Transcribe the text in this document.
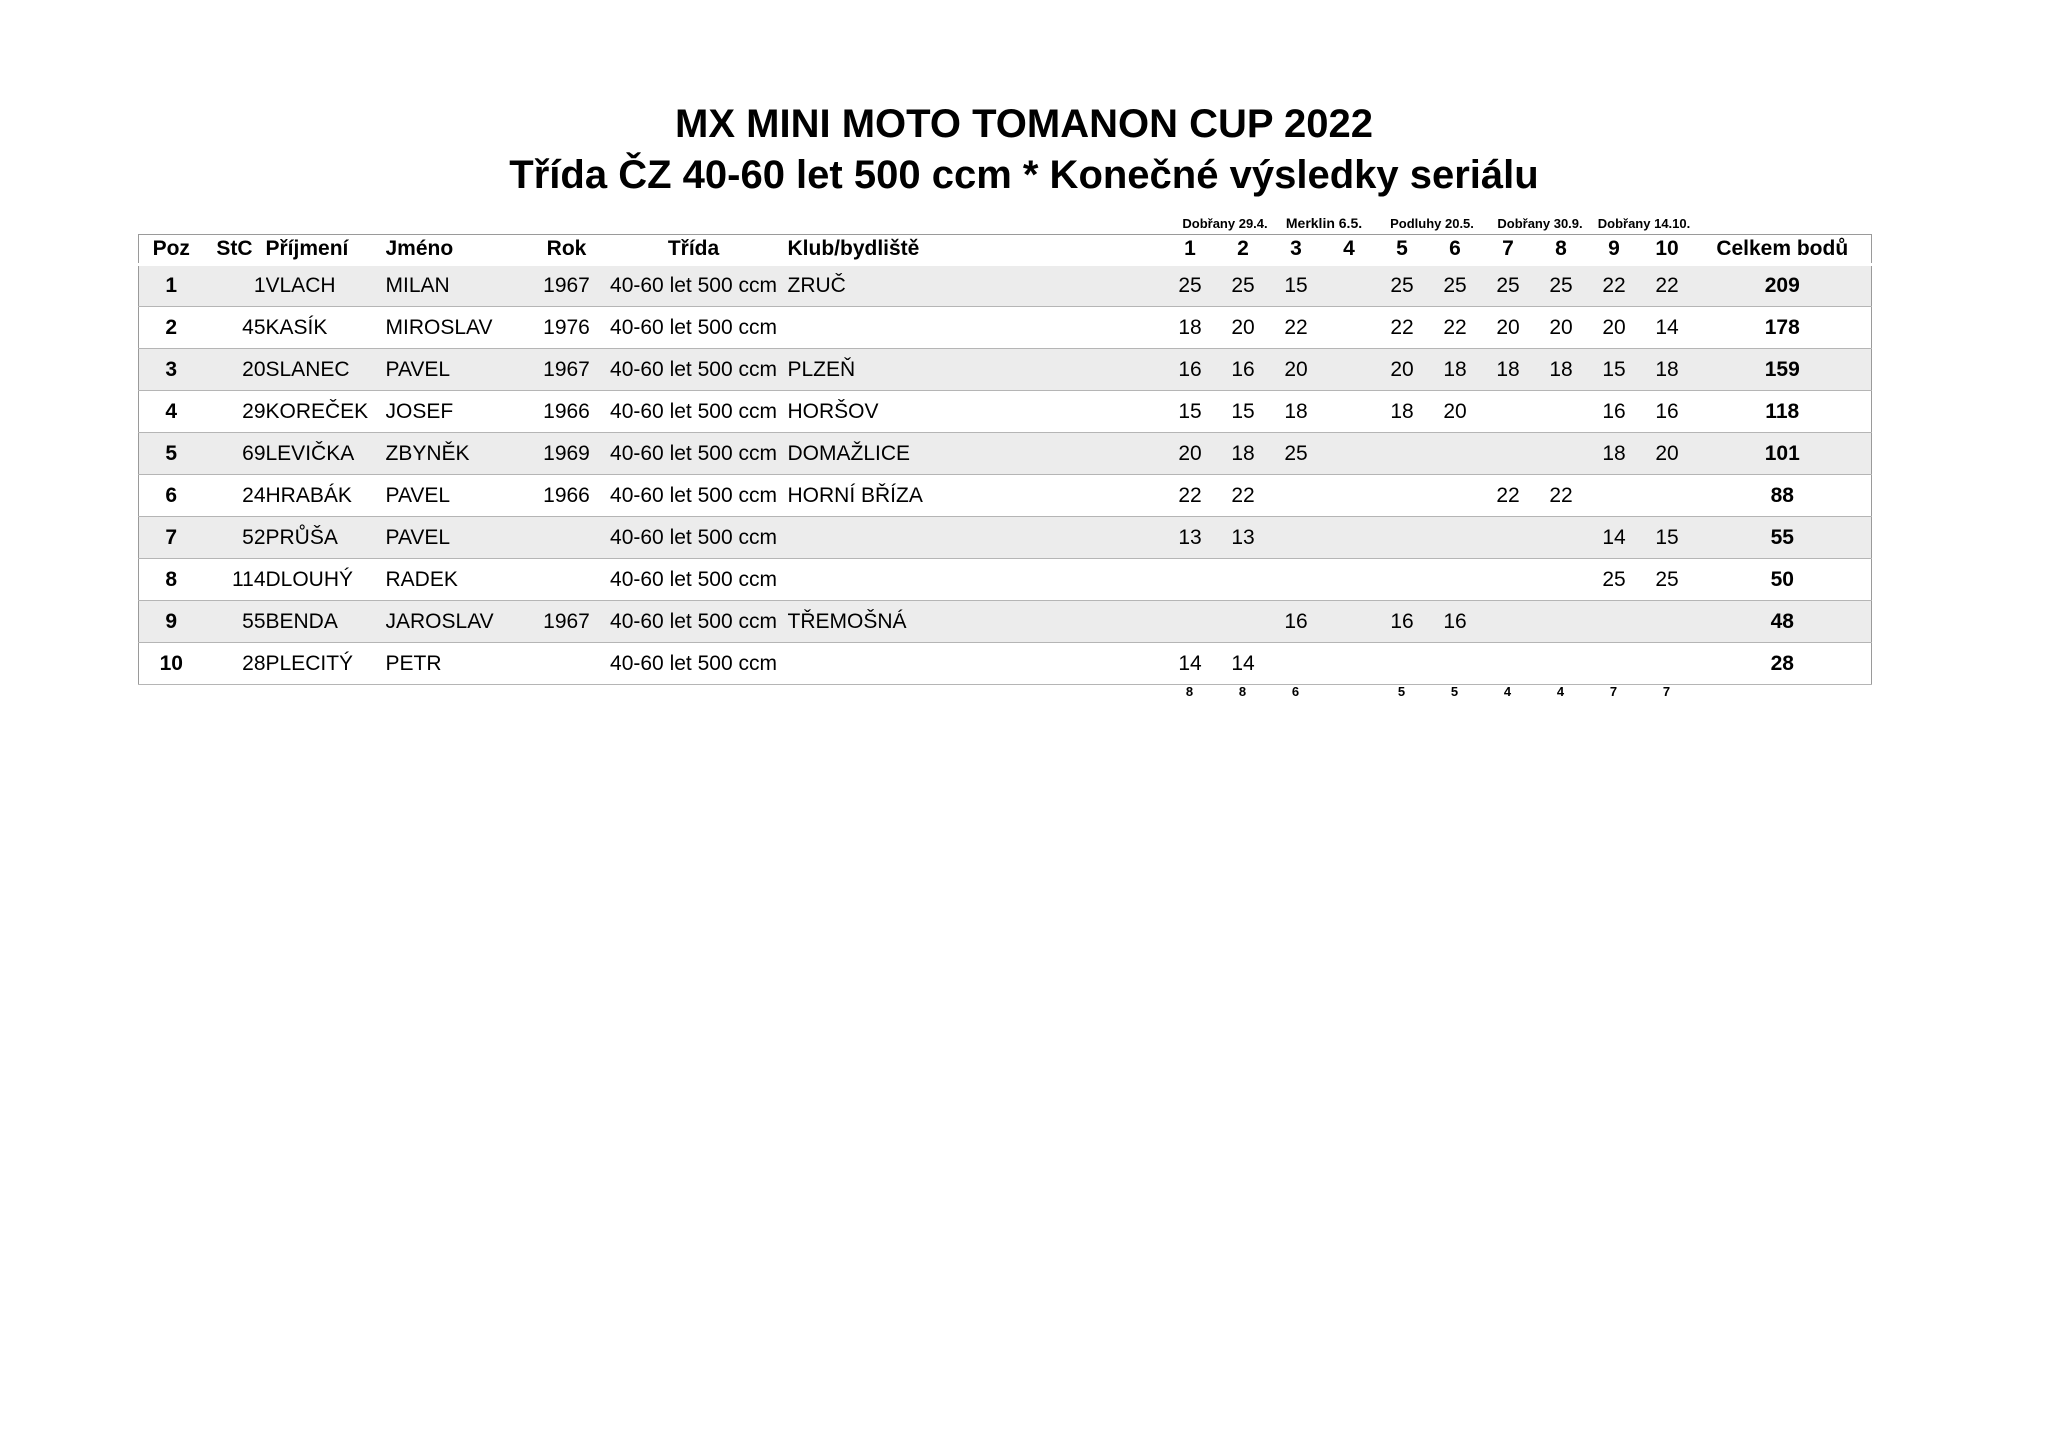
MX MINI MOTO TOMANON CUP 2022
Třída ČZ 40-60 let 500 ccm * Konečné výsledky seriálu
Dobřany 29.4. Merklin 6.5. Podluhy 20.5. Dobřany 30.9. Dobřany 14.10.
Poz	StC	Příjmení	Jméno	Rok	Třída	Klub/bydliště	1	2	3	4	5	6	7	8	9	10	Celkem bodů
1	1	VLACH	MILAN	1967	40-60 let 500 ccm	ZRUČ	25	25	15		25	25	25	25	22	22	209
2	45	KASÍK	MIROSLAV	1976	40-60 let 500 ccm		18	20	22		22	22	20	20	20	14	178
3	20	SLANEC	PAVEL	1967	40-60 let 500 ccm	PLZEŇ	16	16	20		20	18	18	18	15	18	159
4	29	KOREČEK	JOSEF	1966	40-60 let 500 ccm	HORŠOV	15	15	18		18	20			16	16	118
5	69	LEVIČKA	ZBYNĚK	1969	40-60 let 500 ccm	DOMAŽLICE	20	18	25						18	20	101
6	24	HRABÁK	PAVEL	1966	40-60 let 500 ccm	HORNÍ BŘÍZA	22	22					22	22			88
7	52	PRŮŠA	PAVEL		40-60 let 500 ccm		13	13							14	15	55
8	114	DLOUHÝ	RADEK		40-60 let 500 ccm										25	25	50
9	55	BENDA	JAROSLAV	1967	40-60 let 500 ccm	TŘEMOŠNÁ			16		16	16					48
10	28	PLECITÝ	PETR		40-60 let 500 ccm		14	14									28
							8	8	6		5	5	4	4	7	7	
